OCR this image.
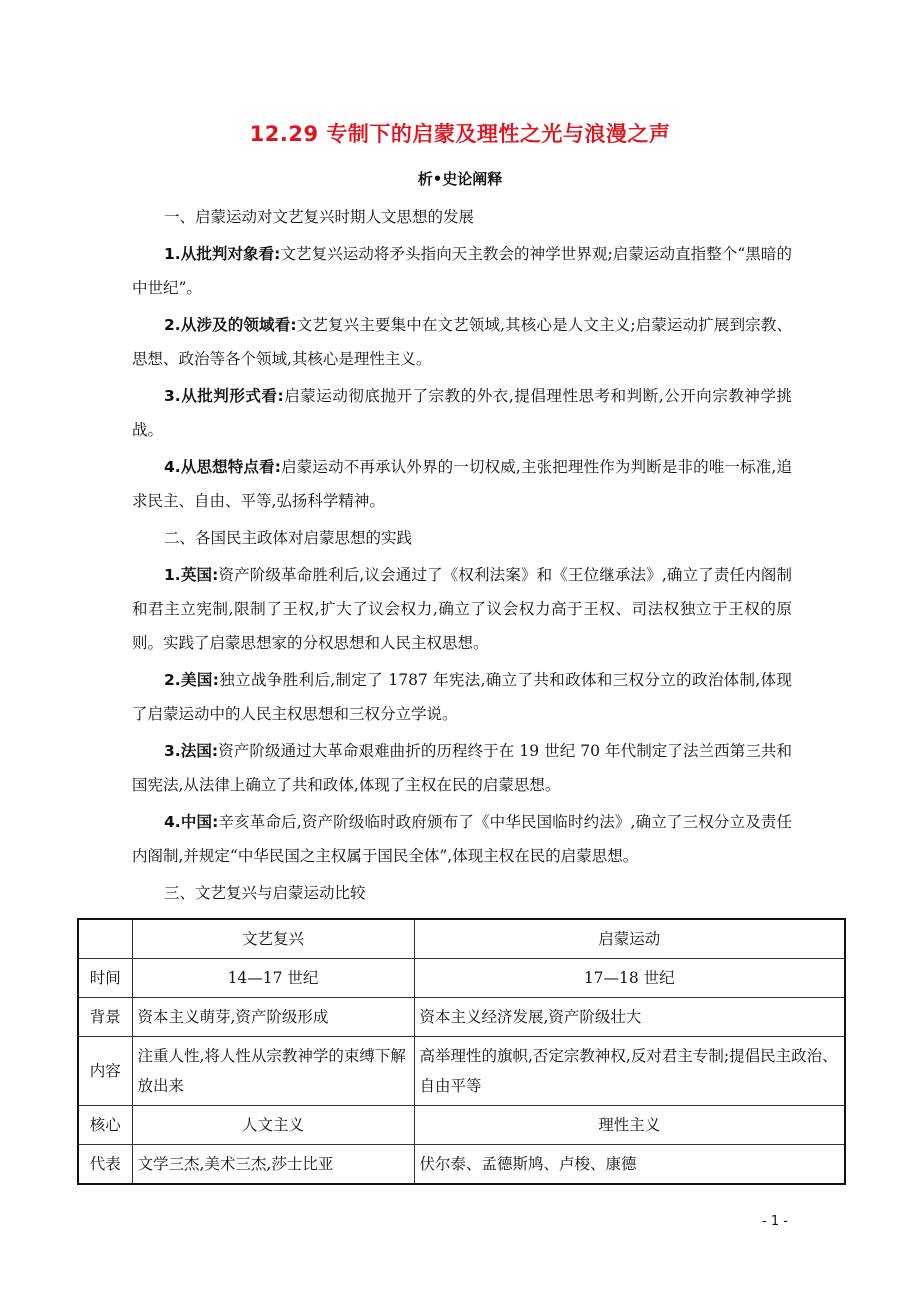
12.29 专制下的启蒙及理性之光与浪漫之声
析•史论阐释

一、启蒙运动对文艺复兴时期人文思想的发展

1.从批判对象看:文艺复兴运动将矛头指向天主教会的神学世界观;启蒙运动直指整个“黑暗的中世纪”。

2.从涉及的领域看:文艺复兴主要集中在文艺领域,其核心是人文主义;启蒙运动扩展到宗教、思想、政治等各个领域,其核心是理性主义。

3.从批判形式看:启蒙运动彻底抛开了宗教的外衣,提倡理性思考和判断,公开向宗教神学挑战。

4.从思想特点看:启蒙运动不再承认外界的一切权威,主张把理性作为判断是非的唯一标准,追求民主、自由、平等,弘扬科学精神。

二、各国民主政体对启蒙思想的实践

1.英国:资产阶级革命胜利后,议会通过了《权利法案》和《王位继承法》,确立了责任内阁制和君主立宪制,限制了王权,扩大了议会权力,确立了议会权力高于王权、司法权独立于王权的原则。实践了启蒙思想家的分权思想和人民主权思想。

2.美国:独立战争胜利后,制定了 1787 年宪法,确立了共和政体和三权分立的政治体制,体现了启蒙运动中的人民主权思想和三权分立学说。

3.法国:资产阶级通过大革命艰难曲折的历程终于在 19 世纪 70 年代制定了法兰西第三共和国宪法,从法律上确立了共和政体,体现了主权在民的启蒙思想。

4.中国:辛亥革命后,资产阶级临时政府颁布了《中华民国临时约法》,确立了三权分立及责任内阁制,并规定“中华民国之主权属于国民全体”,体现主权在民的启蒙思想。

三、文艺复兴与启蒙运动比较

	文艺复兴	启蒙运动
时间	14—17 世纪	17—18 世纪
背景	资本主义萌芽,资产阶级形成	资本主义经济发展,资产阶级壮大
内容	注重人性,将人性从宗教神学的束缚下解放出来	高举理性的旗帜,否定宗教神权,反对君主专制;提倡民主政治、自由平等
核心	人文主义	理性主义
代表	文学三杰,美术三杰,莎士比亚	伏尔泰、孟德斯鸠、卢梭、康德
- 1 -
